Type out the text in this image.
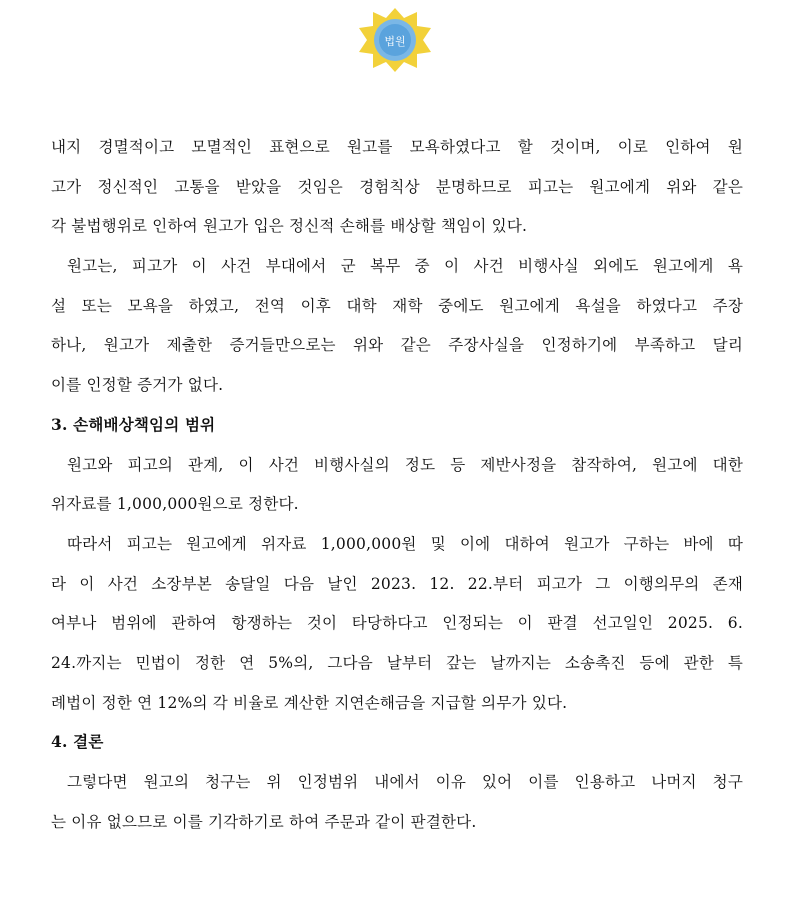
법원
내지 경멸적이고 모멸적인 표현으로 원고를 모욕하였다고 할 것이며, 이로 인하여 원
고가 정신적인 고통을 받았을 것임은 경험칙상 분명하므로 피고는 원고에게 위와 같은
각 불법행위로 인하여 원고가 입은 정신적 손해를 배상할 책임이 있다.
원고는, 피고가 이 사건 부대에서 군 복무 중 이 사건 비행사실 외에도 원고에게 욕
설 또는 모욕을 하였고, 전역 이후 대학 재학 중에도 원고에게 욕설을 하였다고 주장
하나, 원고가 제출한 증거들만으로는 위와 같은 주장사실을 인정하기에 부족하고 달리
이를 인정할 증거가 없다.
3. 손해배상책임의 범위
원고와 피고의 관계, 이 사건 비행사실의 정도 등 제반사정을 참작하여, 원고에 대한
위자료를 1,000,000원으로 정한다.
따라서 피고는 원고에게 위자료 1,000,000원 및 이에 대하여 원고가 구하는 바에 따
라 이 사건 소장부본 송달일 다음 날인 2023. 12. 22.부터 피고가 그 이행의무의 존재
여부나 범위에 관하여 항쟁하는 것이 타당하다고 인정되는 이 판결 선고일인 2025. 6.
24.까지는 민법이 정한 연 5%의, 그다음 날부터 갚는 날까지는 소송촉진 등에 관한 특
례법이 정한 연 12%의 각 비율로 계산한 지연손해금을 지급할 의무가 있다.
4. 결론
그렇다면 원고의 청구는 위 인정범위 내에서 이유 있어 이를 인용하고 나머지 청구
는 이유 없으므로 이를 기각하기로 하여 주문과 같이 판결한다.
